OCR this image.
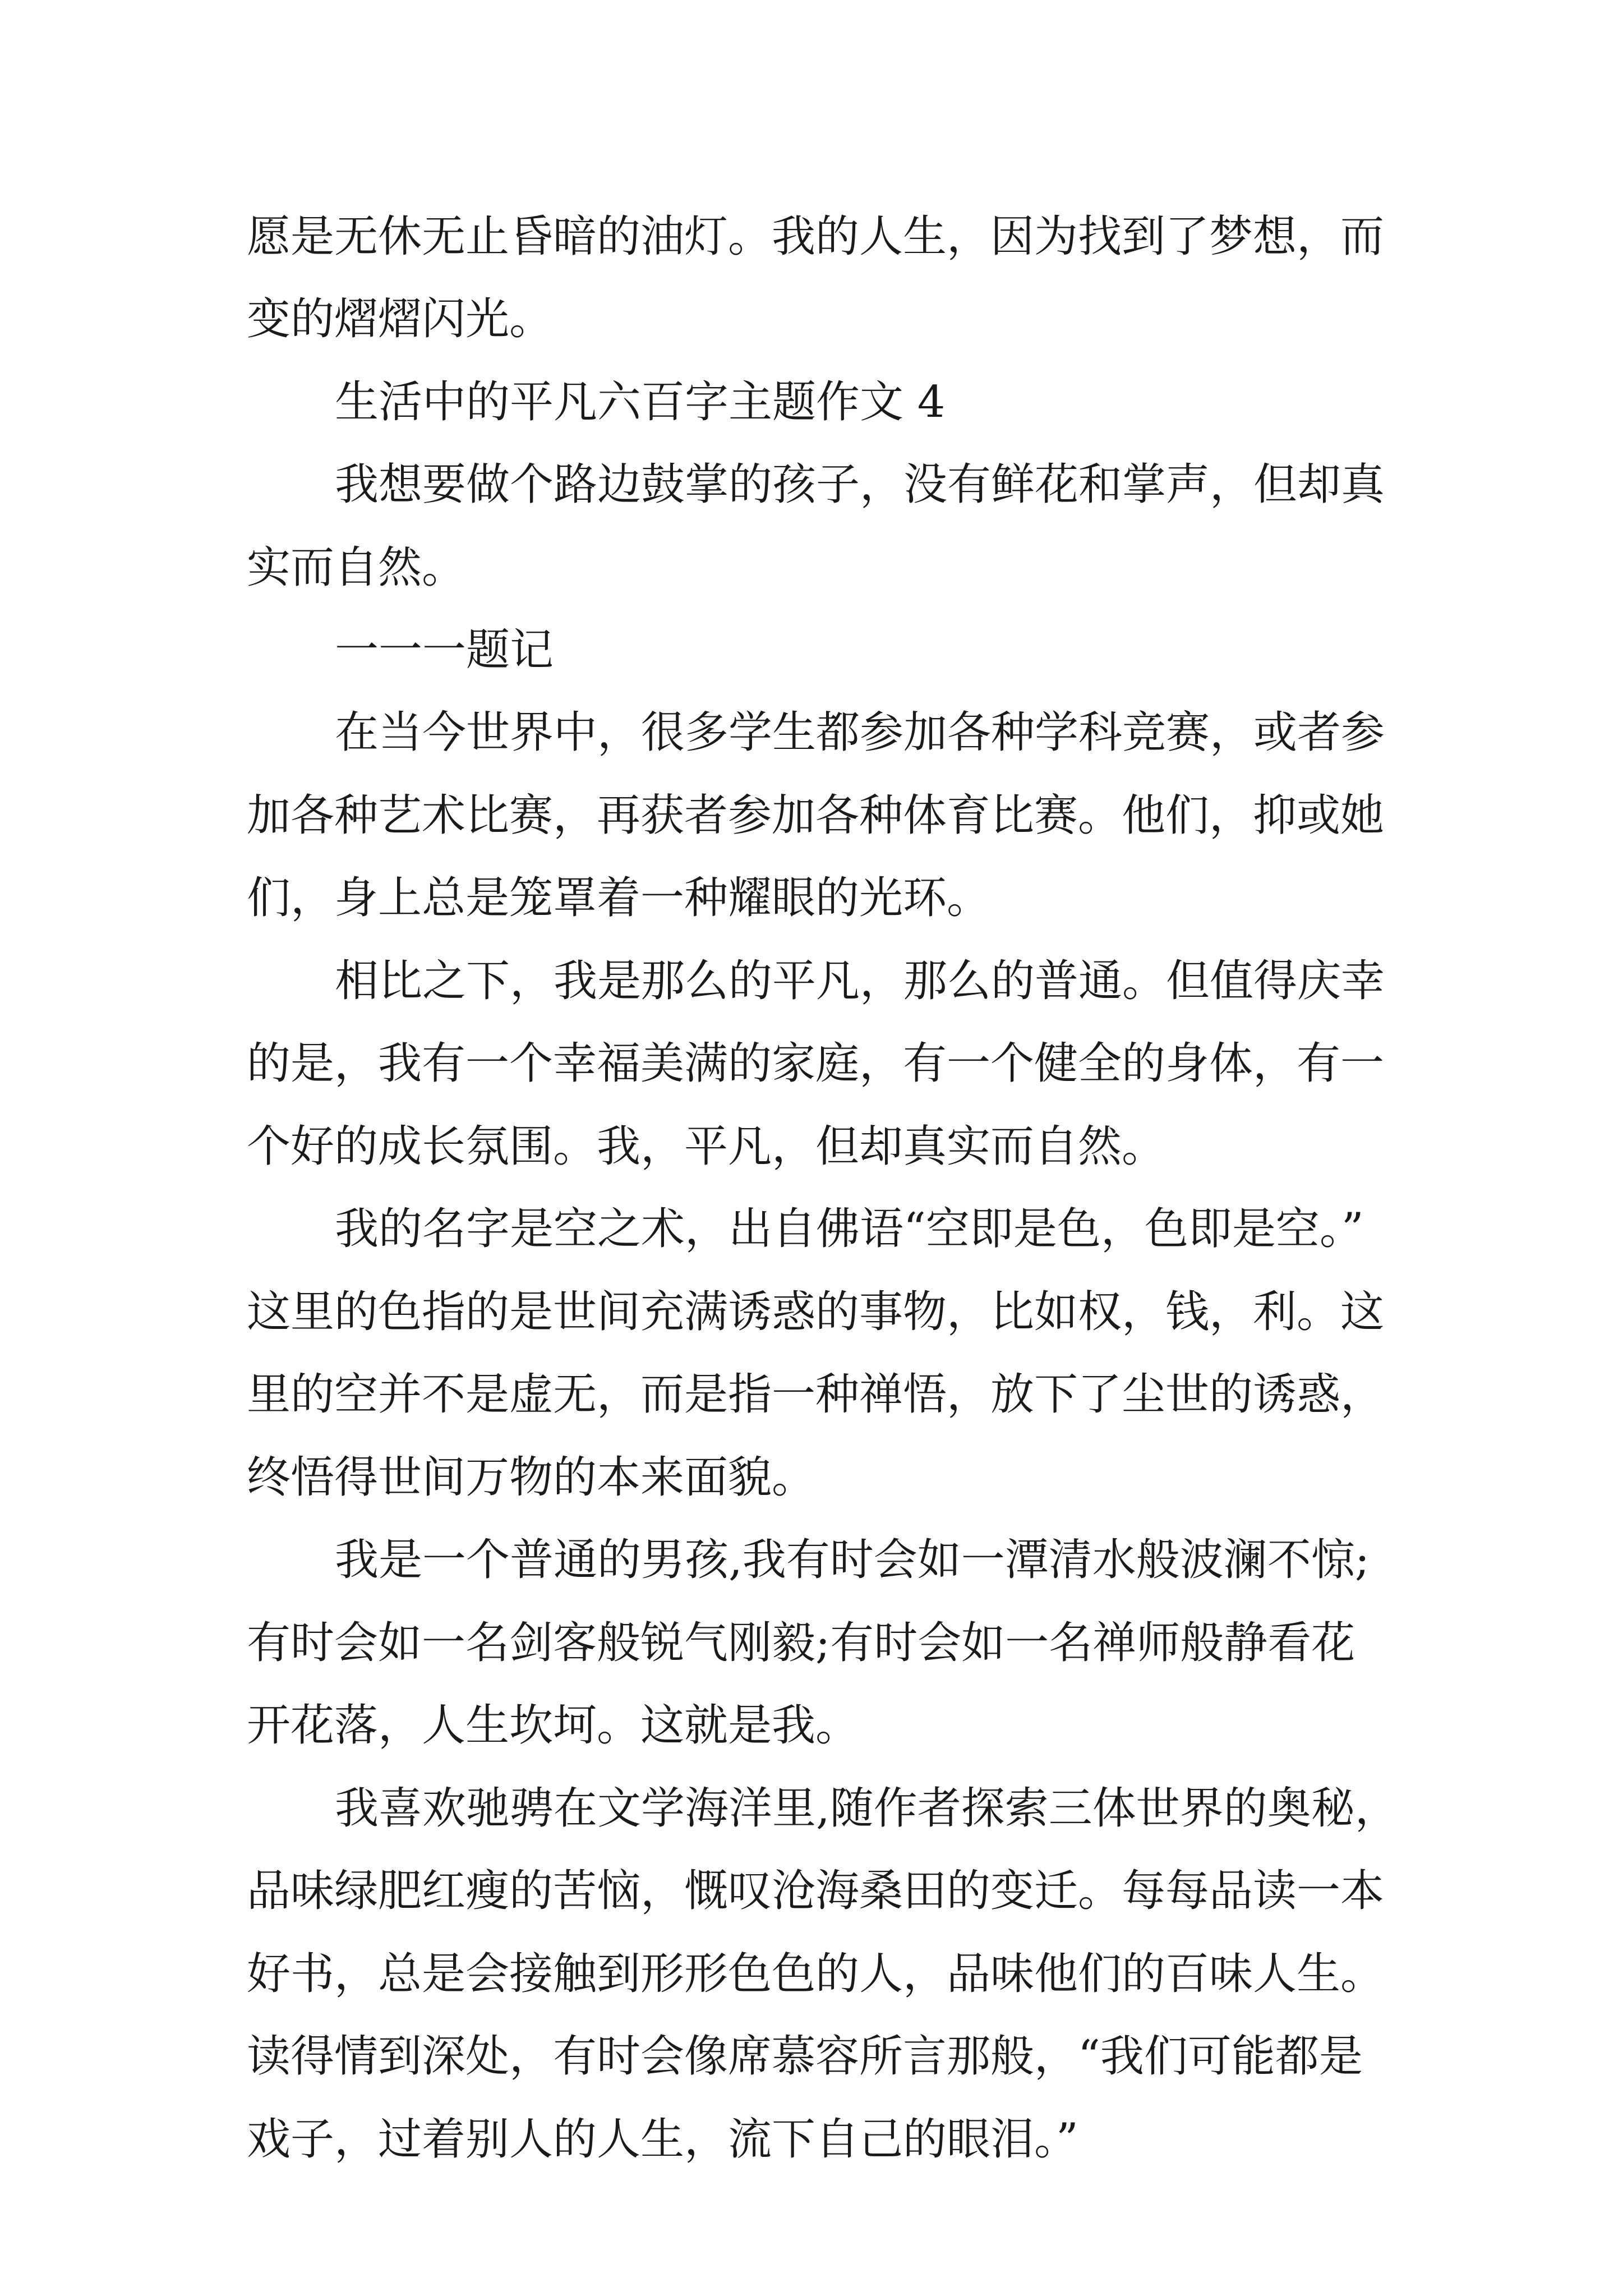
愿是无休无止昏暗的油灯。我的人生，因为找到了梦想，而

变的熠熠闪光。

生活中的平凡六百字主题作文 4

我想要做个路边鼓掌的孩子，没有鲜花和掌声，但却真

实而自然。

一一一题记

在当今世界中，很多学生都参加各种学科竞赛，或者参

加各种艺术比赛，再获者参加各种体育比赛。他们，抑或她

们，身上总是笼罩着一种耀眼的光环。

相比之下，我是那么的平凡，那么的普通。但值得庆幸

的是，我有一个幸福美满的家庭，有一个健全的身体，有一

个好的成长氛围。我，平凡，但却真实而自然。

我的名字是空之术，出自佛语“空即是色，色即是空。”

这里的色指的是世间充满诱惑的事物，比如权，钱，利。这

里的空并不是虚无，而是指一种禅悟，放下了尘世的诱惑，

终悟得世间万物的本来面貌。

我是一个普通的男孩,我有时会如一潭清水般波澜不惊;

有时会如一名剑客般锐气刚毅;有时会如一名禅师般静看花

开花落，人生坎坷。这就是我。

我喜欢驰骋在文学海洋里,随作者探索三体世界的奥秘，

品味绿肥红瘦的苦恼，慨叹沧海桑田的变迁。每每品读一本

好书，总是会接触到形形色色的人，品味他们的百味人生。

读得情到深处，有时会像席慕容所言那般，“我们可能都是

戏子，过着别人的人生，流下自己的眼泪。”
